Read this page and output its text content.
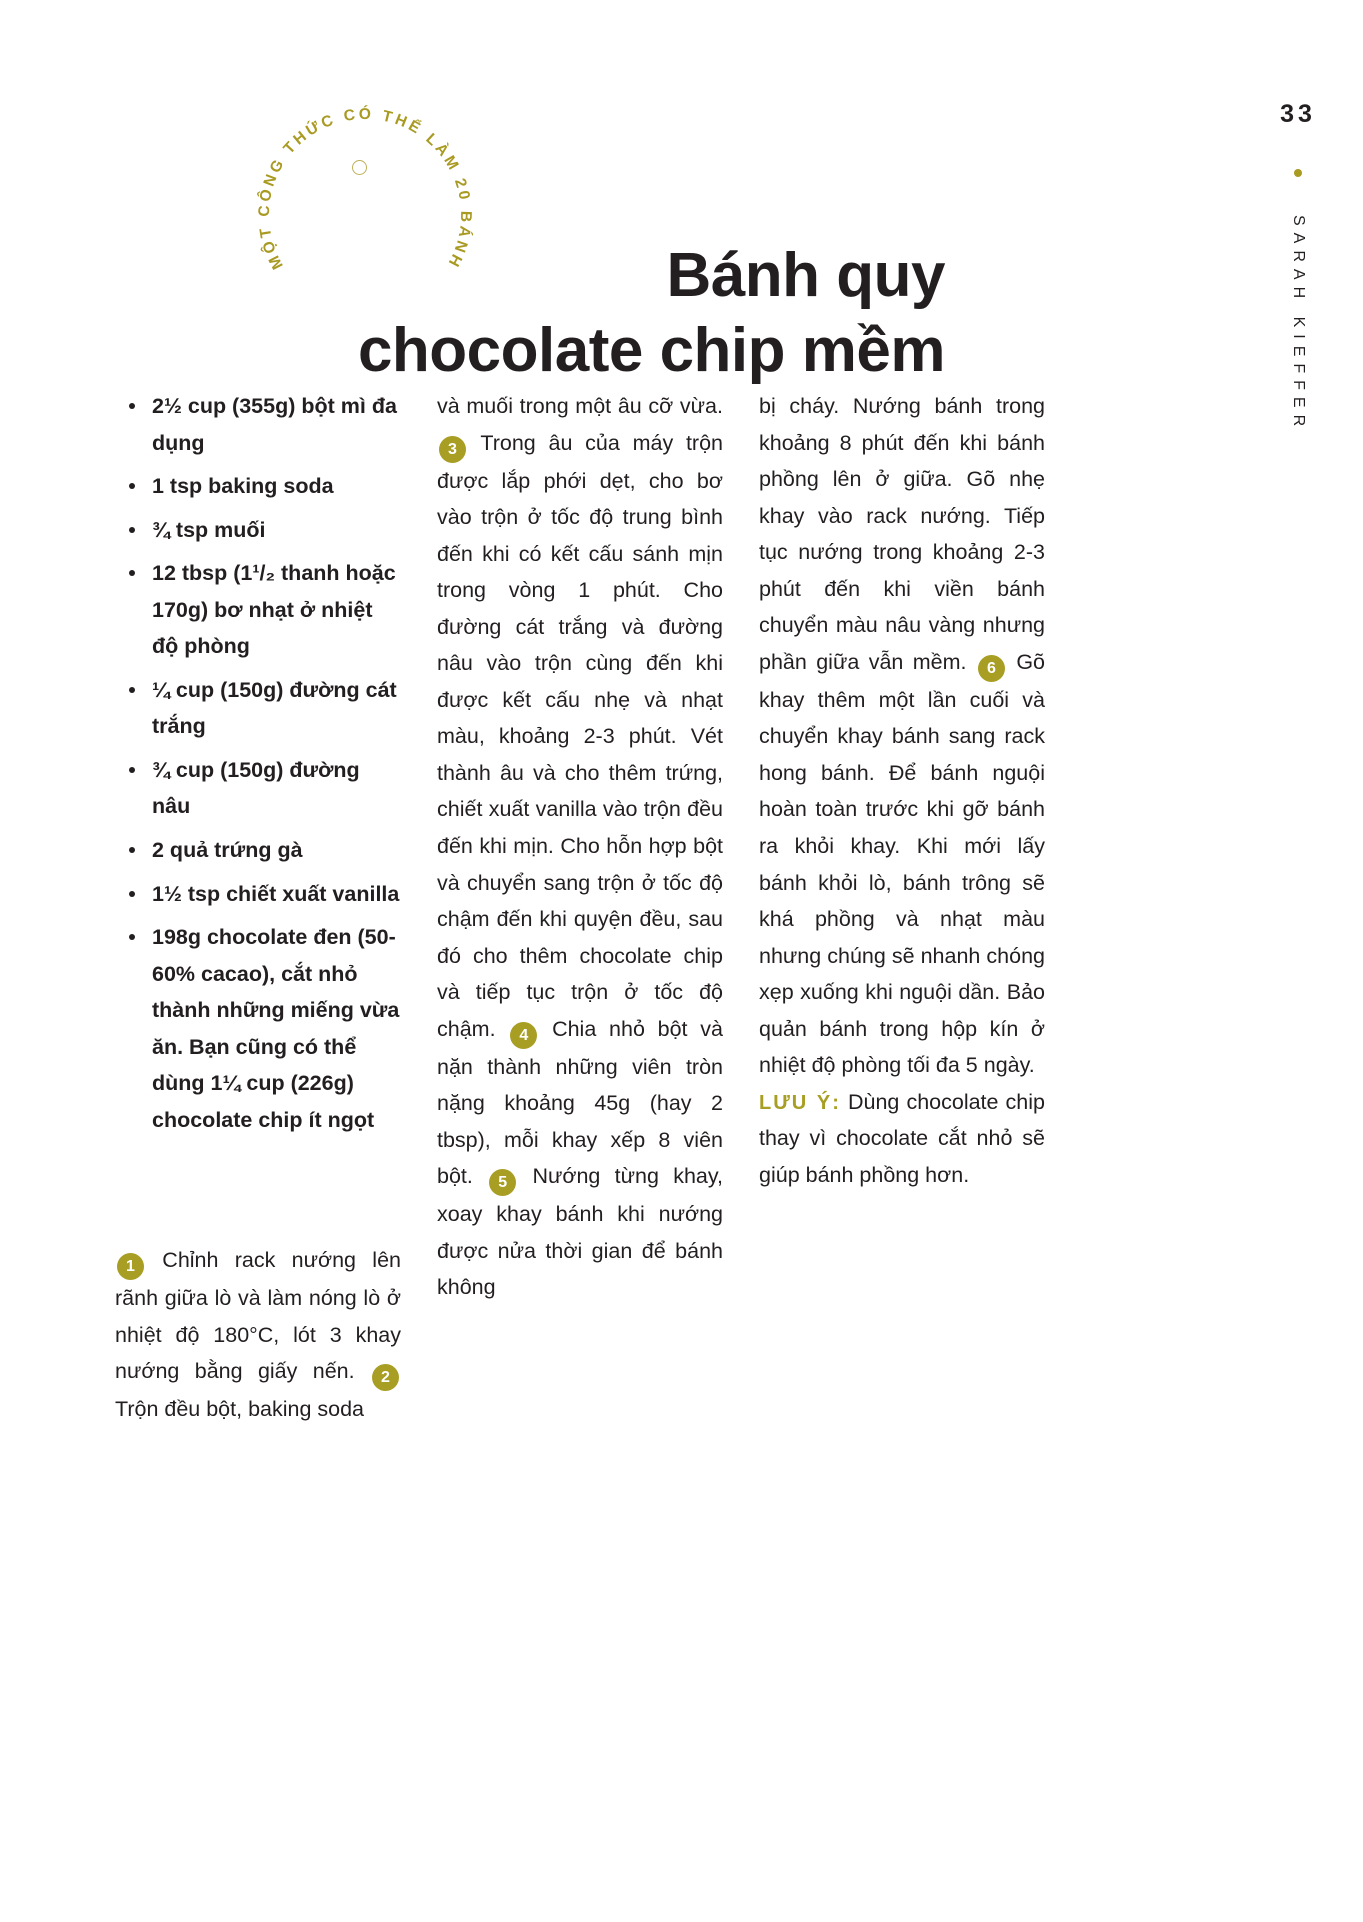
33
SARAH KIEFFER
MỘT CÔNG THỨC CÓ THỂ LÀM 20 BÁNH	Bánh quy
chocolate chip mềm
2½ cup (355g) bột mì đa dụng
1 tsp baking soda
¾ tsp muối
12 tbsp (1¹/₂ thanh hoặc 170g) bơ nhạt ở nhiệt độ phòng
¼ cup (150g) đường cát trắng
¾ cup (150g) đường nâu
2 quả trứng gà
1½ tsp chiết xuất vanilla
198g chocolate đen (50-60% cacao), cắt nhỏ thành những miếng vừa ăn. Bạn cũng có thể dùng 1¼ cup (226g) chocolate chip ít ngọt

1 Chỉnh rack nướng lên rãnh giữa lò và làm nóng lò ở nhiệt độ 180°C, lót 3 khay nướng bằng giấy nến. 2 Trộn đều bột, baking soda

và muối trong một âu cỡ vừa. 3 Trong âu của máy trộn được lắp phới dẹt, cho bơ vào trộn ở tốc độ trung bình đến khi có kết cấu sánh mịn trong vòng 1 phút. Cho đường cát trắng và đường nâu vào trộn cùng đến khi được kết cấu nhẹ và nhạt màu, khoảng 2-3 phút. Vét thành âu và cho thêm trứng, chiết xuất vanilla vào trộn đều đến khi mịn. Cho hỗn hợp bột và chuyển sang trộn ở tốc độ chậm đến khi quyện đều, sau đó cho thêm chocolate chip và tiếp tục trộn ở tốc độ chậm. 4 Chia nhỏ bột và nặn thành những viên tròn nặng khoảng 45g (hay 2 tbsp), mỗi khay xếp 8 viên bột. 5 Nướng từng khay, xoay khay bánh khi nướng được nửa thời gian để bánh không

bị cháy. Nướng bánh trong khoảng 8 phút đến khi bánh phồng lên ở giữa. Gõ nhẹ khay vào rack nướng. Tiếp tục nướng trong khoảng 2-3 phút đến khi viền bánh chuyển màu nâu vàng nhưng phần giữa vẫn mềm. 6 Gõ khay thêm một lần cuối và chuyển khay bánh sang rack hong bánh. Để bánh nguội hoàn toàn trước khi gỡ bánh ra khỏi khay. Khi mới lấy bánh khỏi lò, bánh trông sẽ khá phồng và nhạt màu nhưng chúng sẽ nhanh chóng xẹp xuống khi nguội dần. Bảo quản bánh trong hộp kín ở nhiệt độ phòng tối đa 5 ngày.

LƯU Ý: Dùng chocolate chip thay vì chocolate cắt nhỏ sẽ giúp bánh phồng hơn.
